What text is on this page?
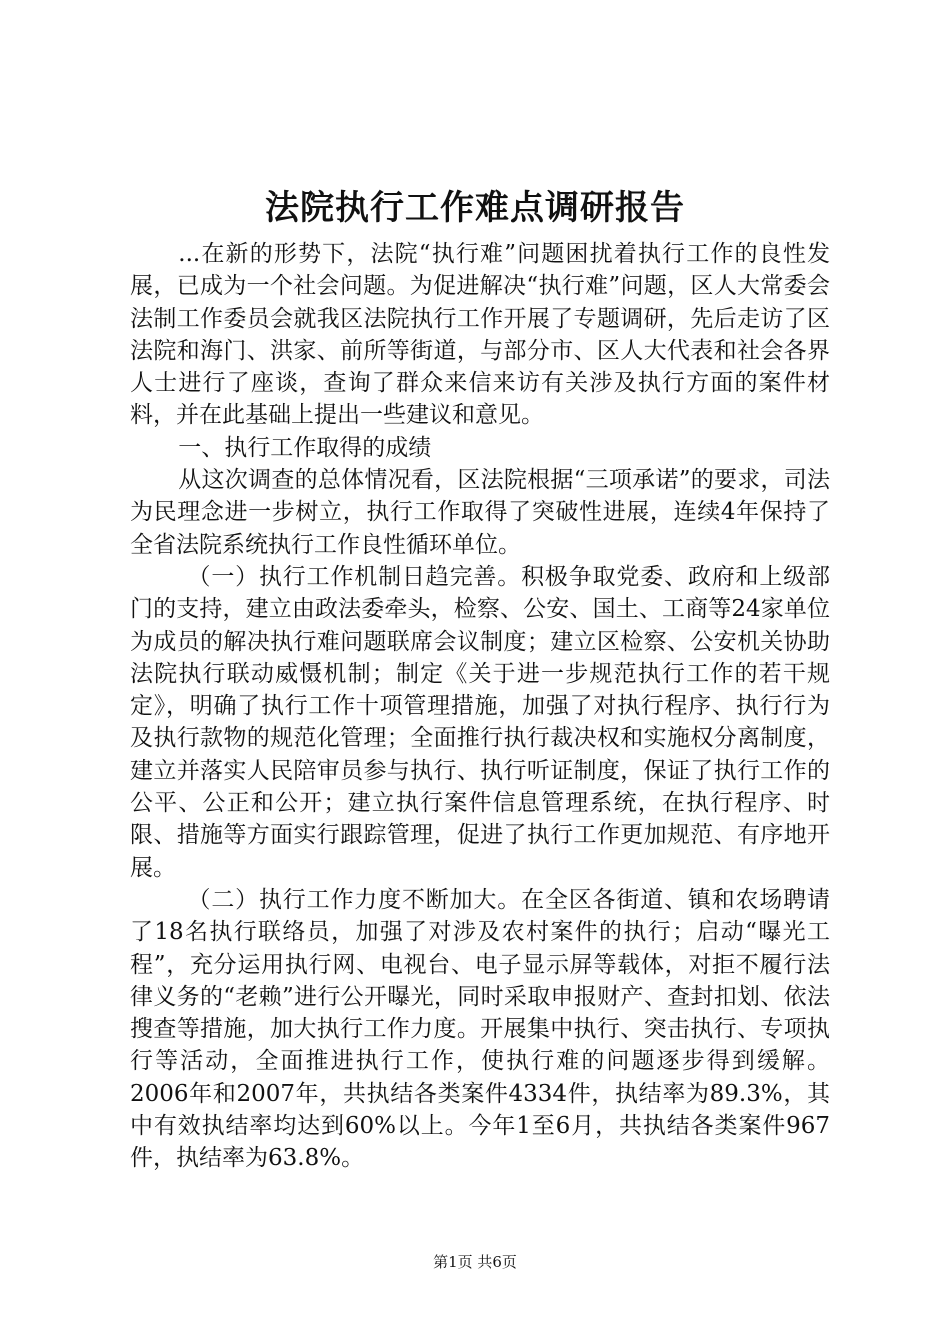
法院执行工作难点调研报告

...在新的形势下，法院“执行难”问题困扰着执行工作的良性发展，已成为一个社会问题。为促进解决“执行难”问题，区人大常委会法制工作委员会就我区法院执行工作开展了专题调研，先后走访了区法院和海门、洪家、前所等街道，与部分市、区人大代表和社会各界人士进行了座谈，查询了群众来信来访有关涉及执行方面的案件材料，并在此基础上提出一些建议和意见。

一、执行工作取得的成绩

从这次调查的总体情况看，区法院根据“三项承诺”的要求，司法为民理念进一步树立，执行工作取得了突破性进展，连续4年保持了全省法院系统执行工作良性循环单位。

（一）执行工作机制日趋完善。积极争取党委、政府和上级部门的支持，建立由政法委牵头，检察、公安、国土、工商等24家单位为成员的解决执行难问题联席会议制度；建立区检察、公安机关协助法院执行联动威慑机制；制定《关于进一步规范执行工作的若干规定》，明确了执行工作十项管理措施，加强了对执行程序、执行行为及执行款物的规范化管理；全面推行执行裁决权和实施权分离制度，建立并落实人民陪审员参与执行、执行听证制度，保证了执行工作的公平、公正和公开；建立执行案件信息管理系统，在执行程序、时限、措施等方面实行跟踪管理，促进了执行工作更加规范、有序地开展。

（二）执行工作力度不断加大。在全区各街道、镇和农场聘请了18名执行联络员，加强了对涉及农村案件的执行；启动“曝光工程”，充分运用执行网、电视台、电子显示屏等载体，对拒不履行法律义务的“老赖”进行公开曝光，同时采取申报财产、查封扣划、依法搜查等措施，加大执行工作力度。开展集中执行、突击执行、专项执行等活动，全面推进执行工作，使执行难的问题逐步得到缓解。2006年和2007年，共执结各类案件4334件，执结率为89.3%，其中有效执结率均达到60%以上。今年1至6月，共执结各类案件967件，执结率为63.8%。

第1页 共6页
